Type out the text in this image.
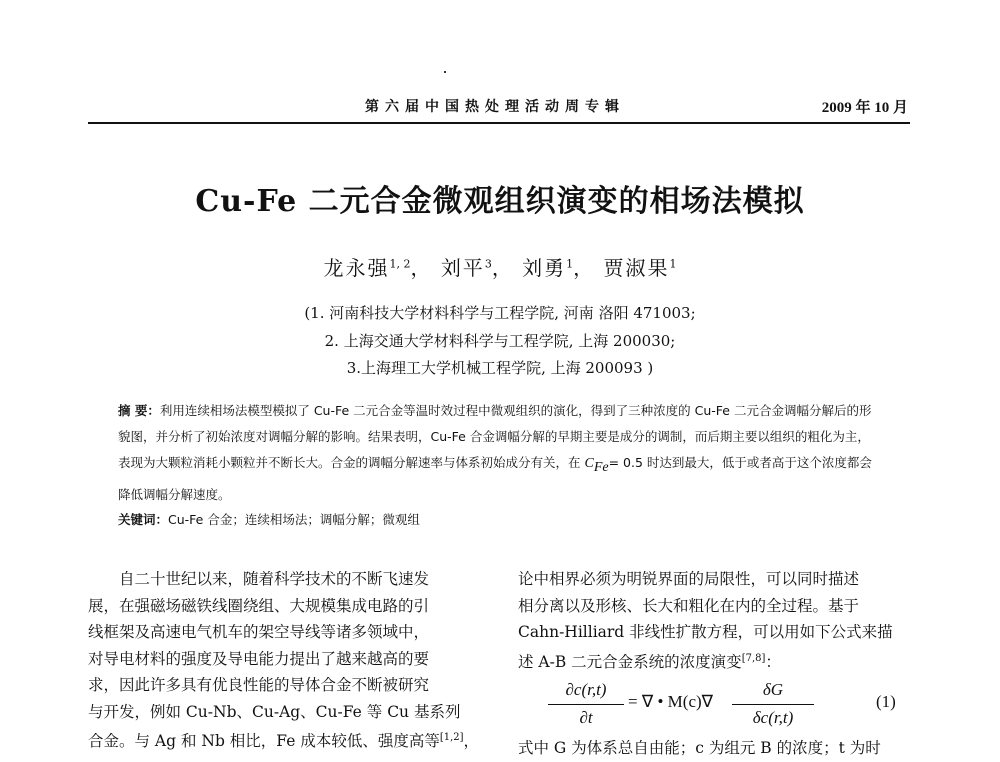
第六届中国热处理活动周专辑	2009 年 10 月
Cu-Fe 二元合金微观组织演变的相场法模拟
龙永强$^{1, 2}$， 刘平$^3$， 刘勇$^1$， 贾淑果$^1$
(1. 河南科技大学材料科学与工程学院, 河南 洛阳 471003;
2. 上海交通大学材料科学与工程学院, 上海 200030;
3.上海理工大学机械工程学院, 上海 200093 )
摘 要：利用连续相场法模型模拟了 Cu-Fe 二元合金等温时效过程中微观组织的演化，得到了三种浓度的 Cu-Fe 二元合金调幅分解后的形貌图，并分析了初始浓度对调幅分解的影响。结果表明，Cu-Fe 合金调幅分解的早期主要是成分的调制，而后期主要以组织的粗化为主，表现为大颗粒消耗小颗粒并不断长大。合金的调幅分解速率与体系初始成分有关，在 $C_{Fe}= 0.5$ 时达到最大，低于或者高于这个浓度都会降低调幅分解速度。
关键词：Cu-Fe 合金；连续相场法；调幅分解；微观组

　　自二十世纪以来，随着科学技术的不断飞速发

展，在强磁场磁铁线圈绕组、大规模集成电路的引

线框架及高速电气机车的架空导线等诸多领域中，

对导电材料的强度及导电能力提出了越来越高的要

求，因此许多具有优良性能的导体合金不断被研究

与开发，例如 Cu-Nb、Cu-Ag、Cu-Fe 等 Cu 基系列

合金。与 Ag 和 Nb 相比，Fe 成本较低、强度高等[1,2]，

论中相界必须为明锐界面的局限性，可以同时描述

相分离以及形核、长大和粗化在内的全过程。基于

Cahn-Hilliard 非线性扩散方程，可以用如下公式来描

述 A-B 二元合金系统的浓度演变[7,8]：

$\frac{\partial c(r,t)}{\partial t}$ = ∇ • $M(c)\nabla \frac{\delta G}{\delta c(r,t)}$	(1)

式中 G 为体系总自由能；c 为组元 B 的浓度；t 为时
